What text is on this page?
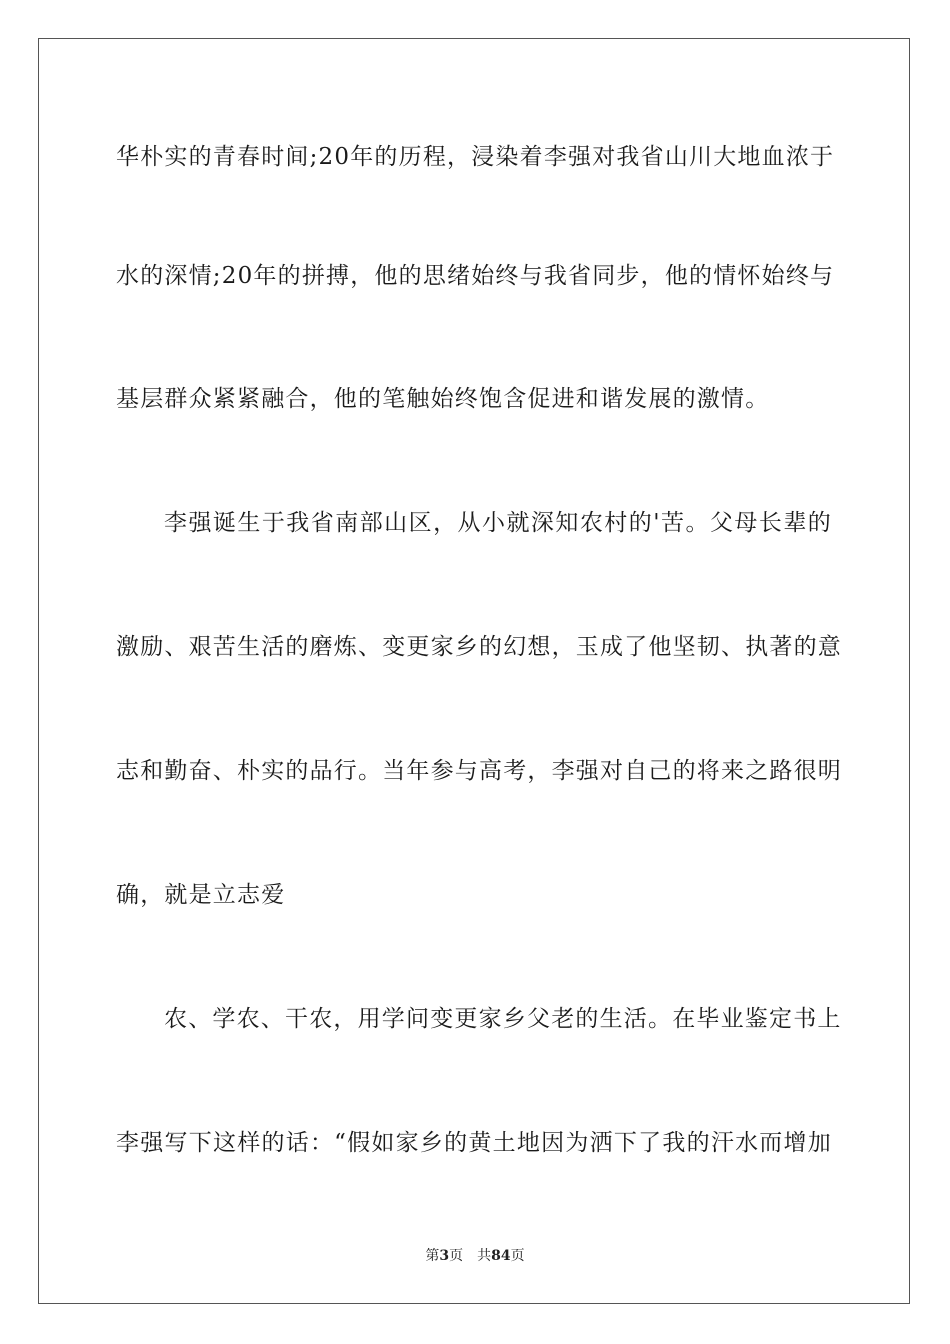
华朴实的青春时间;20年的历程，浸染着李强对我省山川大地血浓于
水的深情;20年的拼搏，他的思绪始终与我省同步，他的情怀始终与
基层群众紧紧融合，他的笔触始终饱含促进和谐发展的激情。
李强诞生于我省南部山区，从小就深知农村的'苦。父母长辈的
激励、艰苦生活的磨炼、变更家乡的幻想，玉成了他坚韧、执著的意
志和勤奋、朴实的品行。当年参与高考，李强对自己的将来之路很明
确，就是立志爱
农、学农、干农，用学问变更家乡父老的生活。在毕业鉴定书上
李强写下这样的话：“假如家乡的黄土地因为洒下了我的汗水而增加
第3页 共84页
